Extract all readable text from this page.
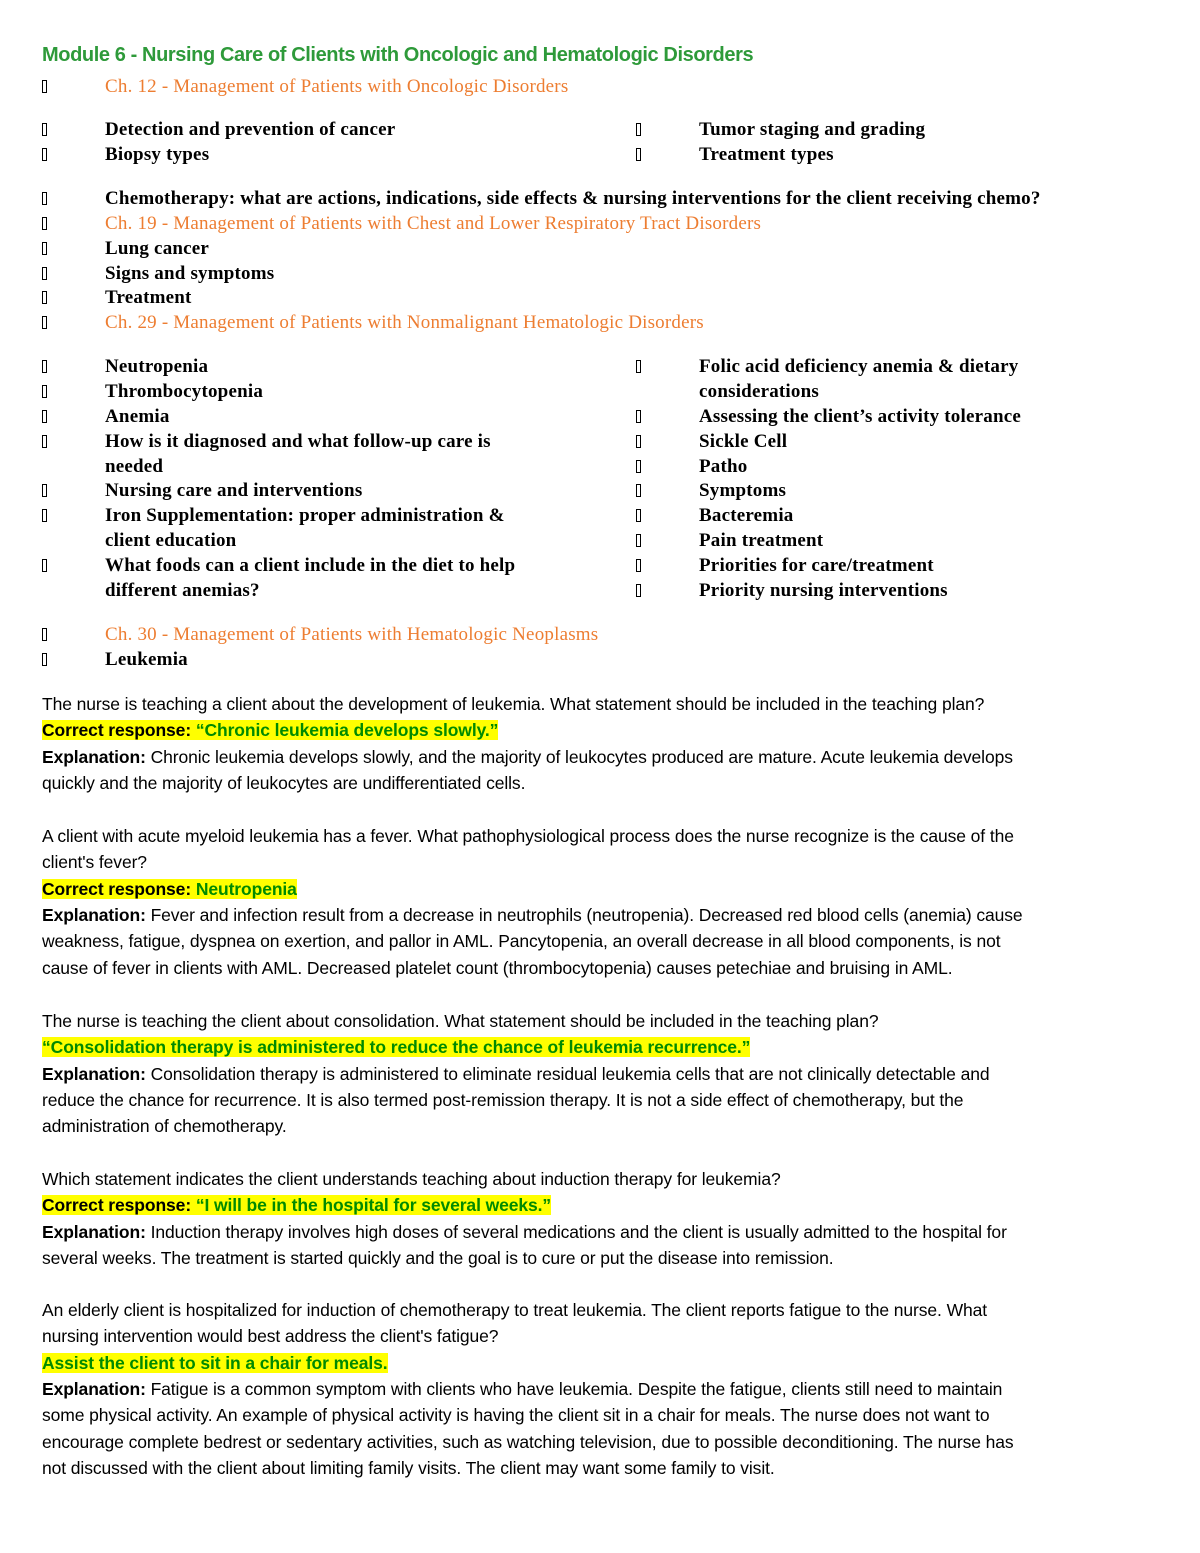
Module 6 - Nursing Care of Clients with Oncologic and Hematologic Disorders
Ch. 12 - Management of Patients with Oncologic Disorders
Detection and prevention of cancer	Tumor staging and grading
Biopsy types	Treatment types
Chemotherapy: what are actions, indications, side effects & nursing interventions for the client receiving chemo?
Ch. 19 - Management of Patients with Chest and Lower Respiratory Tract Disorders
Lung cancer
Signs and symptoms
Treatment
Ch. 29 - Management of Patients with Nonmalignant Hematologic Disorders
Neutropenia
Thrombocytopenia
Anemia
How is it diagnosed and what follow-up care is
needed
Nursing care and interventions
Iron Supplementation: proper administration &
client education
What foods can a client include in the diet to help
different anemias?
Folic acid deficiency anemia & dietary
considerations
Assessing the client’s activity tolerance
Sickle Cell
Patho
Symptoms
Bacteremia
Pain treatment
Priorities for care/treatment
Priority nursing interventions
Ch. 30 - Management of Patients with Hematologic Neoplasms
Leukemia
The nurse is teaching a client about the development of leukemia. What statement should be included in the teaching plan?
Correct response: “Chronic leukemia develops slowly.”
Explanation: Chronic leukemia develops slowly, and the majority of leukocytes produced are mature. Acute leukemia develops
quickly and the majority of leukocytes are undifferentiated cells.
A client with acute myeloid leukemia has a fever. What pathophysiological process does the nurse recognize is the cause of the
client's fever?
Correct response: Neutropenia
Explanation: Fever and infection result from a decrease in neutrophils (neutropenia). Decreased red blood cells (anemia) cause
weakness, fatigue, dyspnea on exertion, and pallor in AML. Pancytopenia, an overall decrease in all blood components, is not
cause of fever in clients with AML. Decreased platelet count (thrombocytopenia) causes petechiae and bruising in AML.
The nurse is teaching the client about consolidation. What statement should be included in the teaching plan?
“Consolidation therapy is administered to reduce the chance of leukemia recurrence.”
Explanation: Consolidation therapy is administered to eliminate residual leukemia cells that are not clinically detectable and
reduce the chance for recurrence. It is also termed post-remission therapy. It is not a side effect of chemotherapy, but the
administration of chemotherapy.
Which statement indicates the client understands teaching about induction therapy for leukemia?
Correct response: “I will be in the hospital for several weeks.”
Explanation: Induction therapy involves high doses of several medications and the client is usually admitted to the hospital for
several weeks. The treatment is started quickly and the goal is to cure or put the disease into remission.
An elderly client is hospitalized for induction of chemotherapy to treat leukemia. The client reports fatigue to the nurse. What
nursing intervention would best address the client's fatigue?
Assist the client to sit in a chair for meals.
Explanation: Fatigue is a common symptom with clients who have leukemia. Despite the fatigue, clients still need to maintain
some physical activity. An example of physical activity is having the client sit in a chair for meals. The nurse does not want to
encourage complete bedrest or sedentary activities, such as watching television, due to possible deconditioning. The nurse has
not discussed with the client about limiting family visits. The client may want some family to visit.
